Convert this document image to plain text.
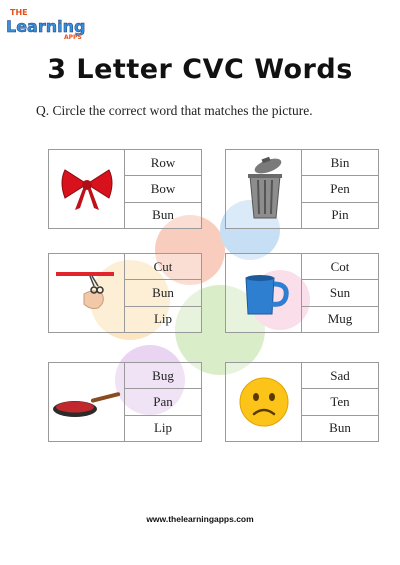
THE
Learning
APPS
3 Letter CVC Words
Q. Circle the correct word that matches the picture.
Row
Bow
Bun
Bin
Pen
Pin
Cut
Bun
Lip
Cot
Sun
Mug
Bug
Pan
Lip
Sad
Ten
Bun
www.thelearningapps.com
